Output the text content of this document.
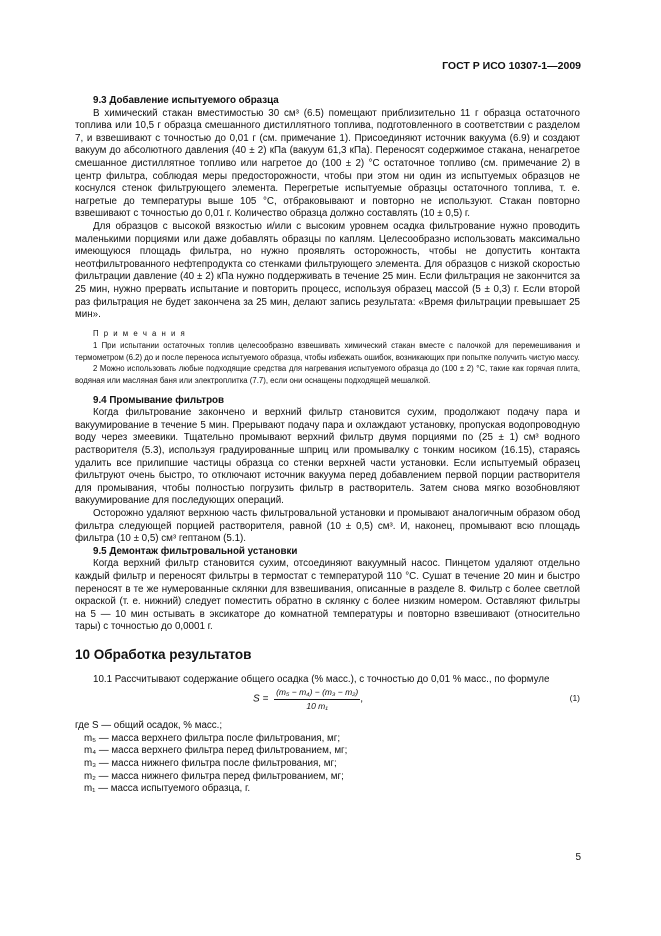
ГОСТ Р ИСО 10307-1—2009

9.3 Добавление испытуемого образца

В химический стакан вместимостью 30 см³ (6.5) помещают приблизительно 11 г образца остаточного топлива или 10,5 г образца смешанного дистиллятного топлива, подготовленного в соответствии с разделом 7, и взвешивают с точностью до 0,01 г (см. примечание 1). Присоединяют источник вакуума (6.9) и создают вакуум до абсолютного давления (40 ± 2) кПа (вакуум 61,3 кПа). Переносят содержимое стакана, ненагретое смешанное дистиллятное топливо или нагретое до (100 ± 2) °С остаточное топливо (см. примечание 2) в центр фильтра, соблюдая меры предосторожности, чтобы при этом ни один из испытуемых образцов не коснулся стенок фильтрующего элемента. Перегретые испытуемые образцы остаточного топлива, т. е. нагретые до температуры выше 105 °С, отбраковывают и повторно не используют. Стакан повторно взвешивают с точностью до 0,01 г. Количество образца должно составлять (10 ± 0,5) г.

Для образцов с высокой вязкостью и/или с высоким уровнем осадка фильтрование нужно проводить маленькими порциями или даже добавлять образцы по каплям. Целесообразно использовать максимально имеющуюся площадь фильтра, но нужно проявлять осторожность, чтобы не допустить контакта неотфильтрованного нефтепродукта со стенками фильтрующего элемента. Для образцов с низкой скоростью фильтрации давление (40 ± 2) кПа нужно поддерживать в течение 25 мин. Если фильтрация не закончится за 25 мин, нужно прервать испытание и повторить процесс, используя образец массой (5 ± 0,3) г. Если второй раз фильтрация не будет закончена за 25 мин, делают запись результата: «Время фильтрации превышает 25 мин».

П р и м е ч а н и я

1 При испытании остаточных топлив целесообразно взвешивать химический стакан вместе с палочкой для перемешивания и термометром (6.2) до и после переноса испытуемого образца, чтобы избежать ошибок, возникающих при попытке получить чистую массу.

2 Можно использовать любые подходящие средства для нагревания испытуемого образца до (100 ± 2) °С, такие как горячая плита, водяная или масляная баня или электроплитка (7.7), если они оснащены подходящей мешалкой.

9.4 Промывание фильтров

Когда фильтрование закончено и верхний фильтр становится сухим, продолжают подачу пара и вакуумирование в течение 5 мин. Прерывают подачу пара и охлаждают установку, пропуская водопроводную воду через змеевики. Тщательно промывают верхний фильтр двумя порциями по (25 ± 1) см³ водного растворителя (5.3), используя градуированные шприц или промывалку с тонким носиком (16.15), стараясь удалить все прилипшие частицы образца со стенки верхней части установки. Если испытуемый образец фильтруют очень быстро, то отключают источник вакуума перед добавлением первой порции растворителя для промывания, чтобы полностью погрузить фильтр в растворитель. Затем снова мягко возобновляют вакуумирование для последующих операций.

Осторожно удаляют верхнюю часть фильтровальной установки и промывают аналогичным образом обод фильтра следующей порцией растворителя, равной (10 ± 0,5) см³. И, наконец, промывают всю площадь фильтра (10 ± 0,5) см³ гептаном (5.1).

9.5 Демонтаж фильтровальной установки

Когда верхний фильтр становится сухим, отсоединяют вакуумный насос. Пинцетом удаляют отдельно каждый фильтр и переносят фильтры в термостат с температурой 110 °С. Сушат в течение 20 мин и быстро переносят в те же нумерованные склянки для взвешивания, описанные в разделе 8. Фильтр с более светлой окраской (т. е. нижний) следует поместить обратно в склянку с более низким номером. Оставляют фильтры на 5 — 10 мин остывать в эксикаторе до комнатной температуры и повторно взвешивают (относительно тары) с точностью до 0,0001 г.

10 Обработка результатов

10.1 Рассчитывают содержание общего осадка (% масс.), с точностью до 0,01 % масс., по формуле

$S = \frac{\text{(m₅ − m₄) − (m₃ − m₂)}}{\text{10 m₁}}$ ,	(1)

где S — общий осадок, % масс.;

m₅ — масса верхнего фильтра после фильтрования, мг;

m₄ — масса верхнего фильтра перед фильтрованием, мг;

m₃ — масса нижнего фильтра после фильтрования, мг;

m₂ — масса нижнего фильтра перед фильтрованием, мг;

m₁ — масса испытуемого образца, г.

5
